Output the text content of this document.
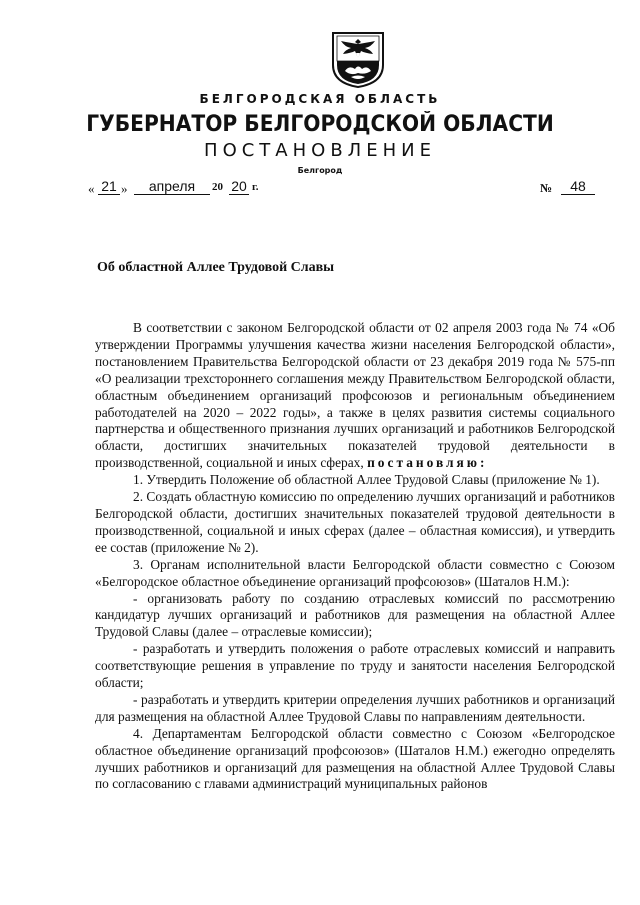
БЕЛГОРОДСКАЯ ОБЛАСТЬ
ГУБЕРНАТОР БЕЛГОРОДСКОЙ ОБЛАСТИ
ПОСТАНОВЛЕНИЕ
Белгород
« 21 »	апреля	20 20 г.	№	48
Об областной Аллее Трудовой Славы

В соответствии с законом Белгородской области от 02 апреля 2003 года № 74 «Об утверждении Программы улучшения качества жизни населения Белгородской области», постановлением Правительства Белгородской области от 23 декабря 2019 года № 575-пп «О реализации трехстороннего соглашения между Правительством Белгородской области, областным объединением организаций профсоюзов и региональным объединением работодателей на 2020 – 2022 годы», а также в целях развития системы социального партнерства и общественного признания лучших организаций и работников Белгородской области, достигших значительных показателей трудовой деятельности в производственной, социальной и иных сферах, постановляю:

1. Утвердить Положение об областной Аллее Трудовой Славы (приложение № 1).

2. Создать областную комиссию по определению лучших организаций и работников Белгородской области, достигших значительных показателей трудовой деятельности в производственной, социальной и иных сферах (далее – областная комиссия), и утвердить ее состав (приложение № 2).

3. Органам исполнительной власти Белгородской области совместно с Союзом «Белгородское областное объединение организаций профсоюзов» (Шаталов Н.М.):

- организовать работу по созданию отраслевых комиссий по рассмотрению кандидатур лучших организаций и работников для размещения на областной Аллее Трудовой Славы (далее – отраслевые комиссии);

- разработать и утвердить положения о работе отраслевых комиссий и направить соответствующие решения в управление по труду и занятости населения Белгородской области;

- разработать и утвердить критерии определения лучших работников и организаций для размещения на областной Аллее Трудовой Славы по направлениям деятельности.

4. Департаментам Белгородской области совместно с Союзом «Белгородское областное объединение организаций профсоюзов» (Шаталов Н.М.) ежегодно определять лучших работников и организаций для размещения на областной Аллее Трудовой Славы по согласованию с главами администраций муниципальных районов
